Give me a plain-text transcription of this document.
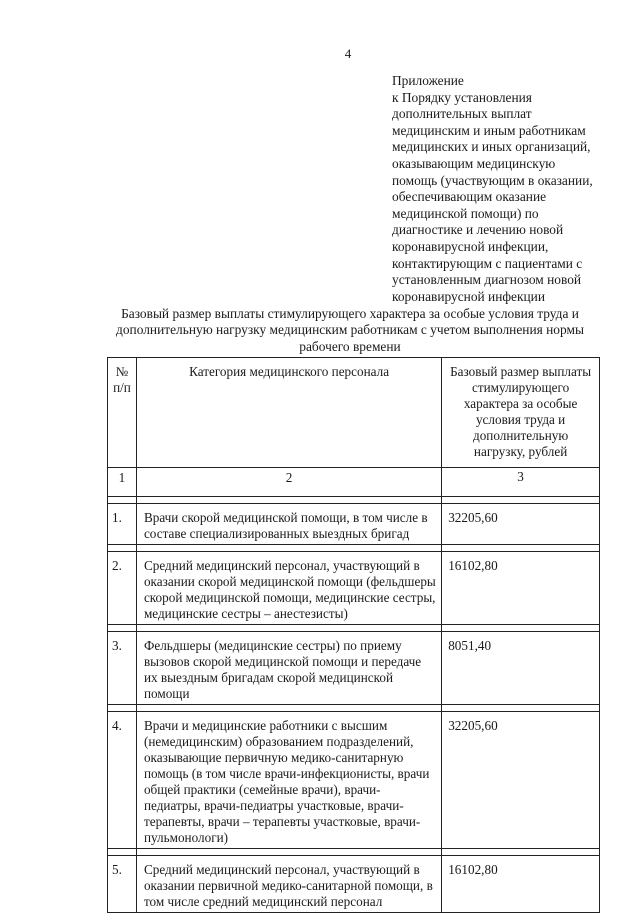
4
Приложение
к Порядку установления
дополнительных выплат
медицинским и иным работникам
медицинских и иных организаций,
оказывающим медицинскую
помощь (участвующим в оказании,
обеспечивающим оказание
медицинской помощи) по
диагностике и лечению новой
коронавирусной инфекции,
контактирующим с пациентами с
установленным диагнозом новой
коронавирусной инфекции
Базовый размер выплаты стимулирующего характера за особые условия труда и
дополнительную нагрузку медицинским работникам с учетом выполнения нормы
рабочего времени
№ п/п	Категория медицинского персонала	Базовый размер выплаты стимулирующего характера за особые условия труда и дополнительную нагрузку, рублей
1	2	3

1.	Врачи скорой медицинской помощи, в том числе в составе специализированных выездных бригад	32205,60

2.	Средний медицинский персонал, участвующий в оказании скорой медицинской помощи (фельдшеры скорой медицинской помощи, медицинские сестры, медицинские сестры – анестезисты)	16102,80

3.	Фельдшеры (медицинские сестры) по приему вызовов скорой медицинской помощи и передаче их выездным бригадам скорой медицинской помощи	8051,40

4.	Врачи и медицинские работники с высшим (немедицинским) образованием подразделений, оказывающие первичную медико-санитарную помощь (в том числе врачи-инфекционисты, врачи общей практики (семейные врачи), врачи-педиатры, врачи-педиатры участковые, врачи-терапевты, врачи – терапевты участковые, врачи-пульмонологи)	32205,60

5.	Средний медицинский персонал, участвующий в оказании первичной медико-санитарной помощи, в том числе средний медицинский персонал	16102,80
